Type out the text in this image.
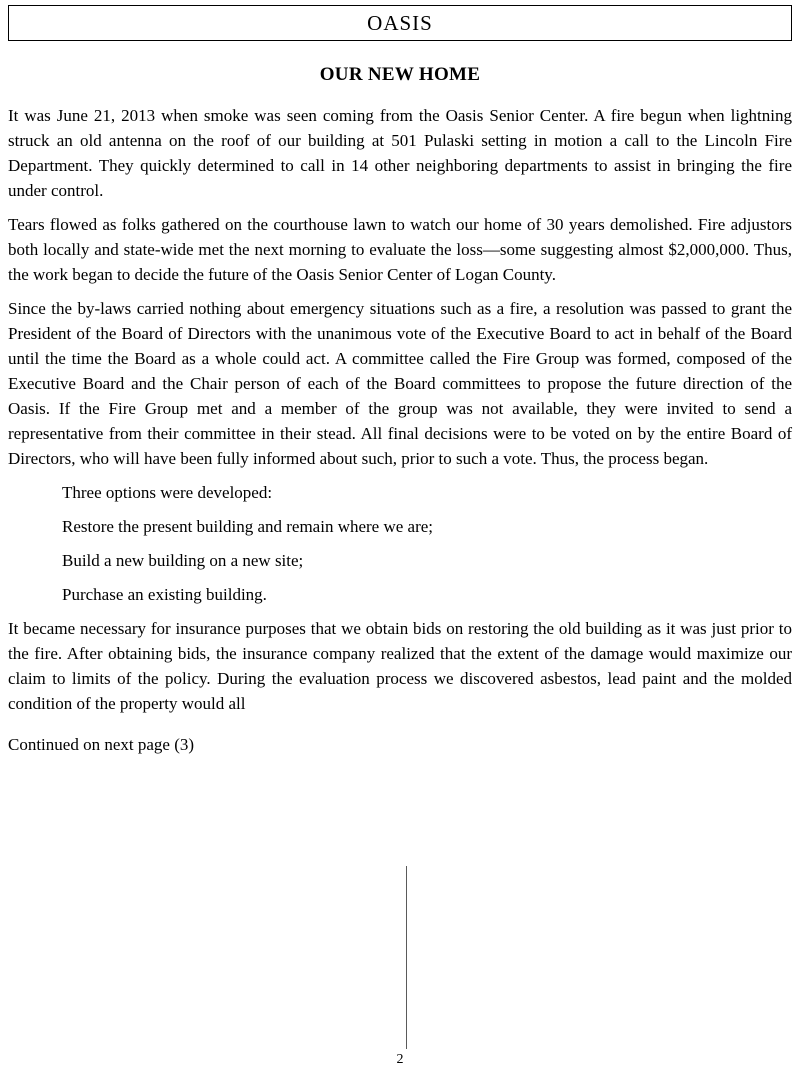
OASIS
OUR NEW HOME

It was June 21, 2013 when smoke was seen coming from the Oasis Senior Center. A fire begun when lightning struck an old antenna on the roof of our building at 501 Pulaski setting in motion a call to the Lincoln Fire Department. They quickly determined to call in 14 other neighboring departments to assist in bringing the fire under control.

Tears flowed as folks gathered on the courthouse lawn to watch our home of 30 years demolished. Fire adjustors both locally and state-wide met the next morning to evaluate the loss—some suggesting almost $2,000,000. Thus, the work began to decide the future of the Oasis Senior Center of Logan County.

Since the by-laws carried nothing about emergency situations such as a fire, a resolution was passed to grant the President of the Board of Directors with the unanimous vote of the Executive Board to act in behalf of the Board until the time the Board as a whole could act. A committee called the Fire Group was formed, composed of the Executive Board and the Chair person of each of the Board committees to propose the future direction of the Oasis. If the Fire Group met and a member of the group was not available, they were invited to send a representative from their committee in their stead. All final decisions were to be voted on by the entire Board of Directors, who will have been fully informed about such, prior to such a vote. Thus, the process began.

Three options were developed:

Restore the present building and remain where we are;

Build a new building on a new site;

Purchase an existing building.

It became necessary for insurance purposes that we obtain bids on restoring the old building as it was just prior to the fire. After obtaining bids, the insurance company realized that the extent of the damage would maximize our claim to limits of the policy. During the evaluation process we discovered asbestos, lead paint and the molded condition of the property would all

Continued on next page (3)

2
